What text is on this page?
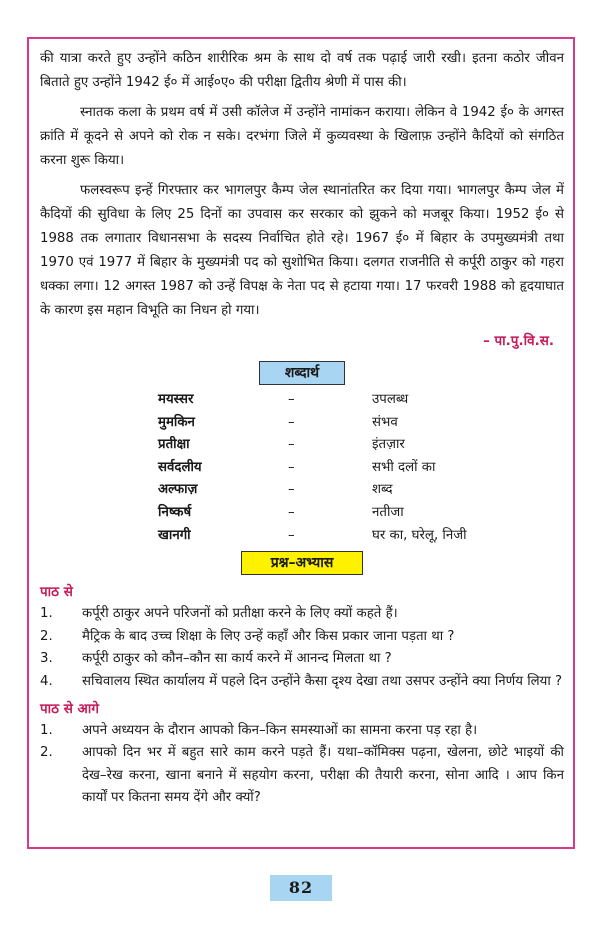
की यात्रा करते हुए उन्होंने कठिन शारीरिक श्रम के साथ दो वर्ष तक पढ़ाई जारी रखी। इतना कठोर जीवन बिताते हुए उन्होंने 1942 ई० में आई०ए० की परीक्षा द्वितीय श्रेणी में पास की।

स्नातक कला के प्रथम वर्ष में उसी कॉलेज में उन्होंने नामांकन कराया। लेकिन वे 1942 ई० के अगस्त क्रांति में कूदने से अपने को रोक न सके। दरभंगा जिले में कुव्यवस्था के खिलाफ़ उन्होंने कैदियों को संगठित करना शुरू किया।

फलस्वरूप इन्हें गिरफ्तार कर भागलपुर कैम्प जेल स्थानांतरित कर दिया गया। भागलपुर कैम्प जेल में कैदियों की सुविधा के लिए 25 दिनों का उपवास कर सरकार को झुकने को मजबूर किया। 1952 ई० से 1988 तक लगातार विधानसभा के सदस्य निर्वाचित होते रहे। 1967 ई० में बिहार के उपमुख्यमंत्री तथा 1970 एवं 1977 में बिहार के मुख्यमंत्री पद को सुशोभित किया। दलगत राजनीति से कर्पूरी ठाकुर को गहरा धक्का लगा। 12 अगस्त 1987 को उन्हें विपक्ष के नेता पद से हटाया गया। 17 फरवरी 1988 को हृदयाघात के कारण इस महान विभूति का निधन हो गया।

– पा.पु.वि.स.
शब्दार्थ
मयस्सर	–	उपलब्ध
मुमकिन	–	संभव
प्रतीक्षा	–	इंतज़ार
सर्वदलीय	–	सभी दलों का
अल्फाज़	–	शब्द
निष्कर्ष	–	नतीजा
खानगी	–	घर का, घरेलू, निजी
प्रश्न–अभ्यास
पाठ से
1.	कर्पूरी ठाकुर अपने परिजनों को प्रतीक्षा करने के लिए क्यों कहते हैं।
2.	मैट्रिक के बाद उच्च शिक्षा के लिए उन्हें कहाँ और किस प्रकार जाना पड़ता था ?
3.	कर्पूरी ठाकुर को कौन–कौन सा कार्य करने में आनन्द मिलता था ?
4.	सचिवालय स्थित कार्यालय में पहले दिन उन्होंने कैसा दृश्य देखा तथा उसपर उन्होंने क्या निर्णय लिया ?
पाठ से आगे
1.	अपने अध्ययन के दौरान आपको किन–किन समस्याओं का सामना करना पड़ रहा है।
2.	आपको दिन भर में बहुत सारे काम करने पड़ते हैं। यथा–कॉमिक्स पढ़ना, खेलना, छोटे भाइयों की देख–रेख करना, खाना बनाने में सहयोग करना, परीक्षा की तैयारी करना, सोना आदि । आप किन कार्यों पर कितना समय देंगे और क्यों?
82
